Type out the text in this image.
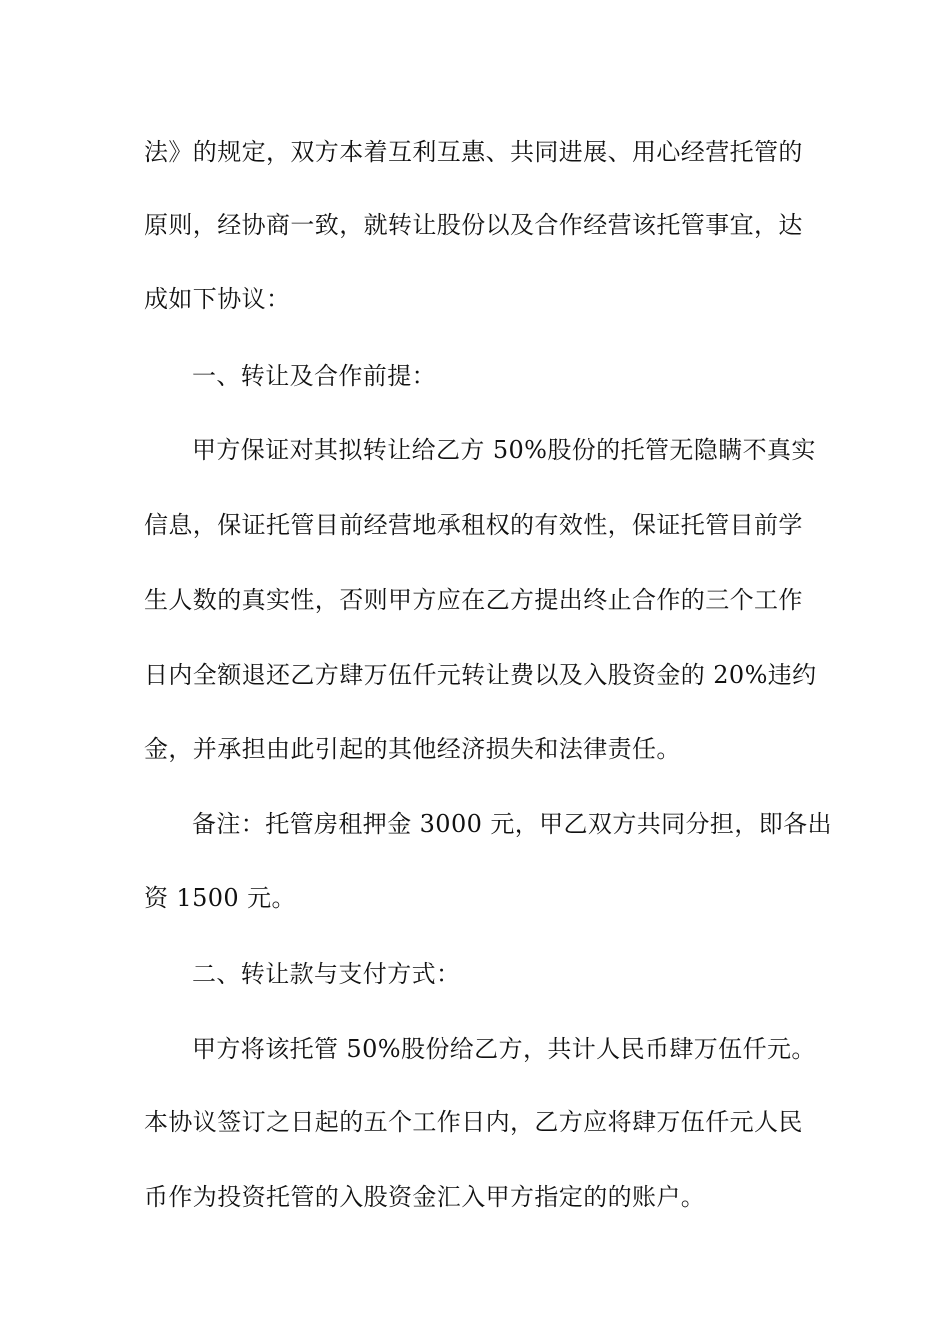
法》的规定，双方本着互利互惠、共同进展、用心经营托管的
原则，经协商一致，就转让股份以及合作经营该托管事宜，达
成如下协议：
一、转让及合作前提：
甲方保证对其拟转让给乙方 50%股份的托管无隐瞒不真实
信息，保证托管目前经营地承租权的有效性，保证托管目前学
生人数的真实性，否则甲方应在乙方提出终止合作的三个工作
日内全额退还乙方肆万伍仟元转让费以及入股资金的 20%违约
金，并承担由此引起的其他经济损失和法律责任。
备注：托管房租押金 3000 元，甲乙双方共同分担，即各出
资 1500 元。
二、转让款与支付方式：
甲方将该托管 50%股份给乙方，共计人民币肆万伍仟元。
本协议签订之日起的五个工作日内，乙方应将肆万伍仟元人民
币作为投资托管的入股资金汇入甲方指定的的账户。
